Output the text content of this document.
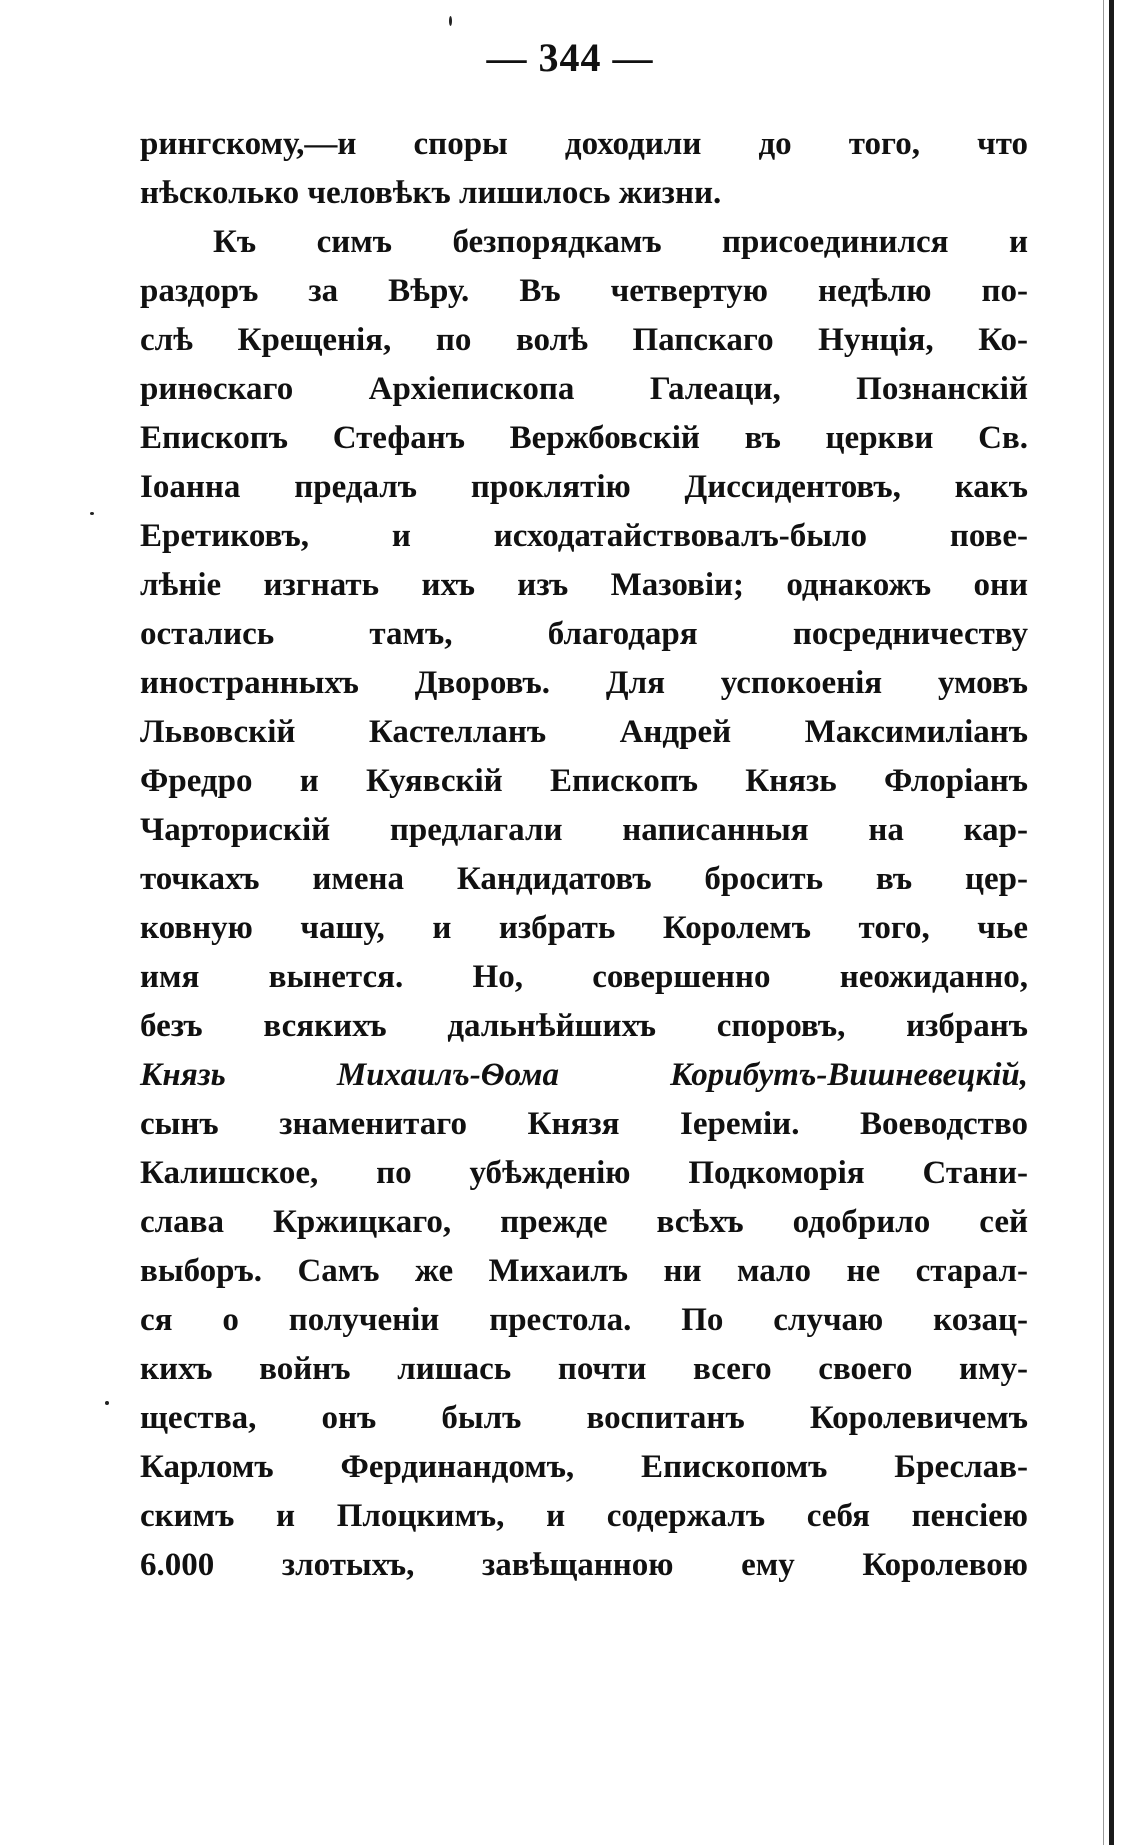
— 344 —
рингскому,—и споры доходили до того, что
нѣсколько человѣкъ лишилось жизни.
Къ симъ безпорядкамъ присоединился и
раздоръ за Вѣру. Въ четвертую недѣлю по-
слѣ Крещенія, по волѣ Папскаго Нунція, Ко-
ринѳскаго Архіепископа Галеаци, Познанскій
Епископъ Стефанъ Вержбовскій въ церкви Св.
Іоанна предалъ проклятію Диссидентовъ, какъ
Еретиковъ, и исходатайствовалъ-было пове-
лѣніе изгнать ихъ изъ Мазовіи; однакожъ они
остались тамъ, благодаря посредничеству
иностранныхъ Дворовъ. Для успокоенія умовъ
Львовскій Кастелланъ Андрей Максимиліанъ
Фредро и Куявскій Епископъ Князь Флоріанъ
Чарторискій предлагали написанныя на кар-
точкахъ имена Кандидатовъ бросить въ цер-
ковную чашу, и избрать Королемъ того, чье
имя вынется. Но, совершенно неожиданно,
безъ всякихъ дальнѣйшихъ споровъ, избранъ
Князь Михаилъ-Ѳома Корибутъ-Вишневецкій,
сынъ знаменитаго Князя Іереміи. Воеводство
Калишское, по убѣжденію Подкоморія Стани-
слава Кржицкаго, прежде всѣхъ одобрило сей
выборъ. Самъ же Михаилъ ни мало не старал-
ся о полученіи престола. По случаю козац-
кихъ войнъ лишась почти всего своего иму-
щества, онъ былъ воспитанъ Королевичемъ
Карломъ Фердинандомъ, Епископомъ Бреслав-
скимъ и Плоцкимъ, и содержалъ себя пенсіею
6.000 злотыхъ, завѣщанною ему Королевою
